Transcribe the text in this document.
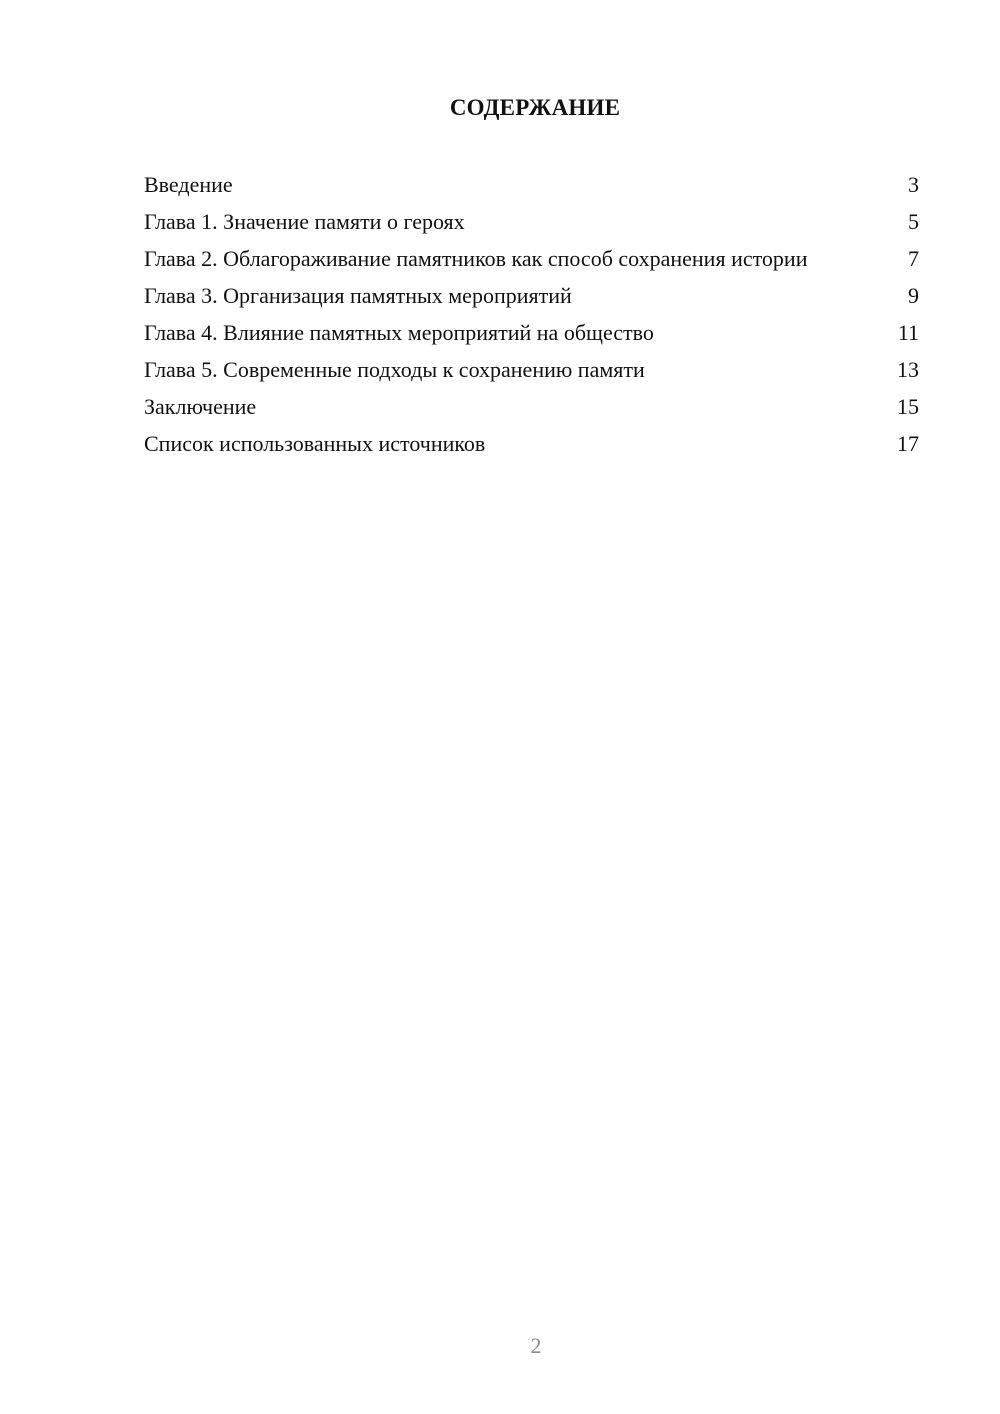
СОДЕРЖАНИЕ
Введение	3
Глава 1. Значение памяти о героях	5
Глава 2. Облагораживание памятников как способ сохранения истории	7
Глава 3. Организация памятных мероприятий	9
Глава 4. Влияние памятных мероприятий на общество	11
Глава 5. Современные подходы к сохранению памяти	13
Заключение	15
Список использованных источников	17
2
